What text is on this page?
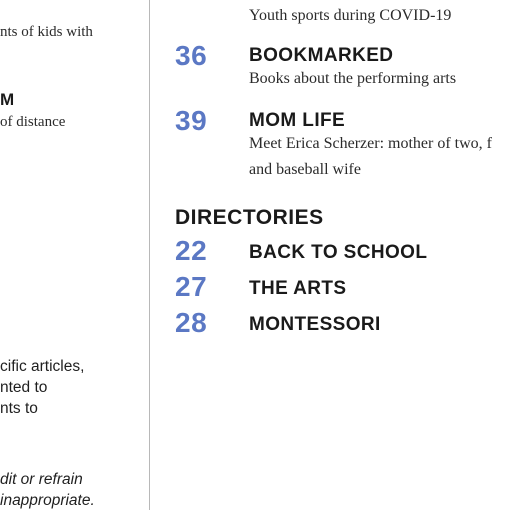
nts of kids with
M
of distance
cific articles,
nted to
nts to
dit or refrain
inappropriate.
Youth sports during COVID-19
36 BOOKMARKED
Books about the performing arts
39 MOM LIFE
Meet Erica Scherzer: mother of two, f
and baseball wife
DIRECTORIES
22 BACK TO SCHOOL
27 THE ARTS
28 MONTESSORI
